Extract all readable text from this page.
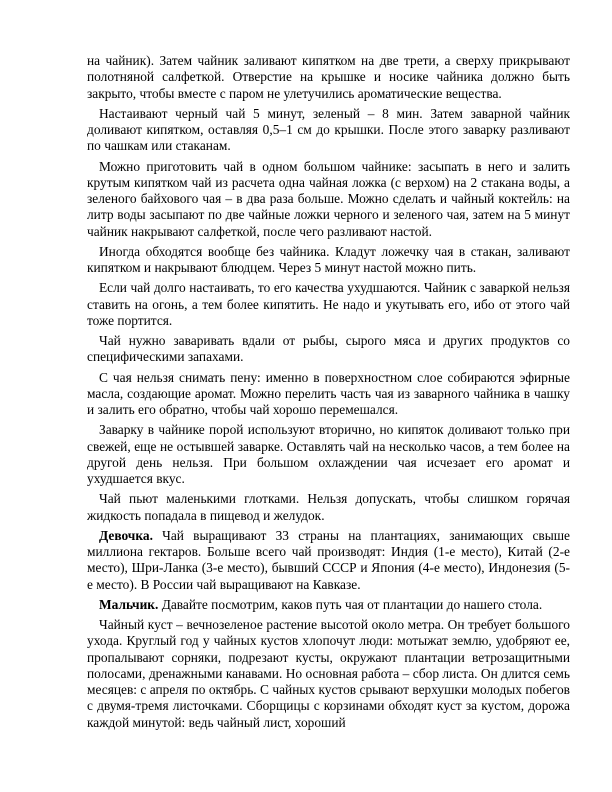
на чайник). Затем чайник заливают кипятком на две трети, а сверху прикрывают полотняной салфеткой. Отверстие на крышке и носике чайника должно быть закрыто, чтобы вместе с паром не улетучились ароматические вещества.

Настаивают черный чай 5 минут, зеленый – 8 мин. Затем заварной чайник доливают кипятком, оставляя 0,5–1 см до крышки. После этого заварку разливают по чашкам или стаканам.

Можно приготовить чай в одном большом чайнике: засыпать в него и залить крутым кипятком чай из расчета одна чайная ложка (с верхом) на 2 стакана воды, а зеленого байхового чая – в два раза больше. Можно сделать и чайный коктейль: на литр воды засыпают по две чайные ложки черного и зеленого чая, затем на 5 минут чайник накрывают салфеткой, после чего разливают настой.

Иногда обходятся вообще без чайника. Кладут ложечку чая в стакан, заливают кипятком и накрывают блюдцем. Через 5 минут настой можно пить.

Если чай долго настаивать, то его качества ухудшаются. Чайник с заваркой нельзя ставить на огонь, а тем более кипятить. Не надо и укутывать его, ибо от этого чай тоже портится.

Чай нужно заваривать вдали от рыбы, сырого мяса и других продуктов со специфическими запахами.

С чая нельзя снимать пену: именно в поверхностном слое собираются эфирные масла, создающие аромат. Можно перелить часть чая из заварного чайника в чашку и залить его обратно, чтобы чай хорошо перемешался.

Заварку в чайнике порой используют вторично, но кипяток доливают только при свежей, еще не остывшей заварке. Оставлять чай на несколько часов, а тем более на другой день нельзя. При большом охлаждении чая исчезает его аромат и ухудшается вкус.

Чай пьют маленькими глотками. Нельзя допускать, чтобы слишком горячая жидкость попадала в пищевод и желудок.

Девочка. Чай выращивают 33 страны на плантациях, занимающих свыше миллиона гектаров. Больше всего чай производят: Индия (1-е место), Китай (2-е место), Шри-Ланка (3-е место), бывший СССР и Япония (4-е место), Индонезия (5-е место). В России чай выращивают на Кавказе.

Мальчик. Давайте посмотрим, каков путь чая от плантации до нашего стола.

Чайный куст – вечнозеленое растение высотой около метра. Он требует большого ухода. Круглый год у чайных кустов хлопочут люди: мотыжат землю, удобряют ее, пропалывают сорняки, подрезают кусты, окружают плантации ветрозащитными полосами, дренажными канавами. Но основная работа – сбор листа. Он длится семь месяцев: с апреля по октябрь. С чайных кустов срывают верхушки молодых побегов с двумя-тремя листочками. Сборщицы с корзинами обходят куст за кустом, дорожа каждой минутой: ведь чайный лист, хороший
